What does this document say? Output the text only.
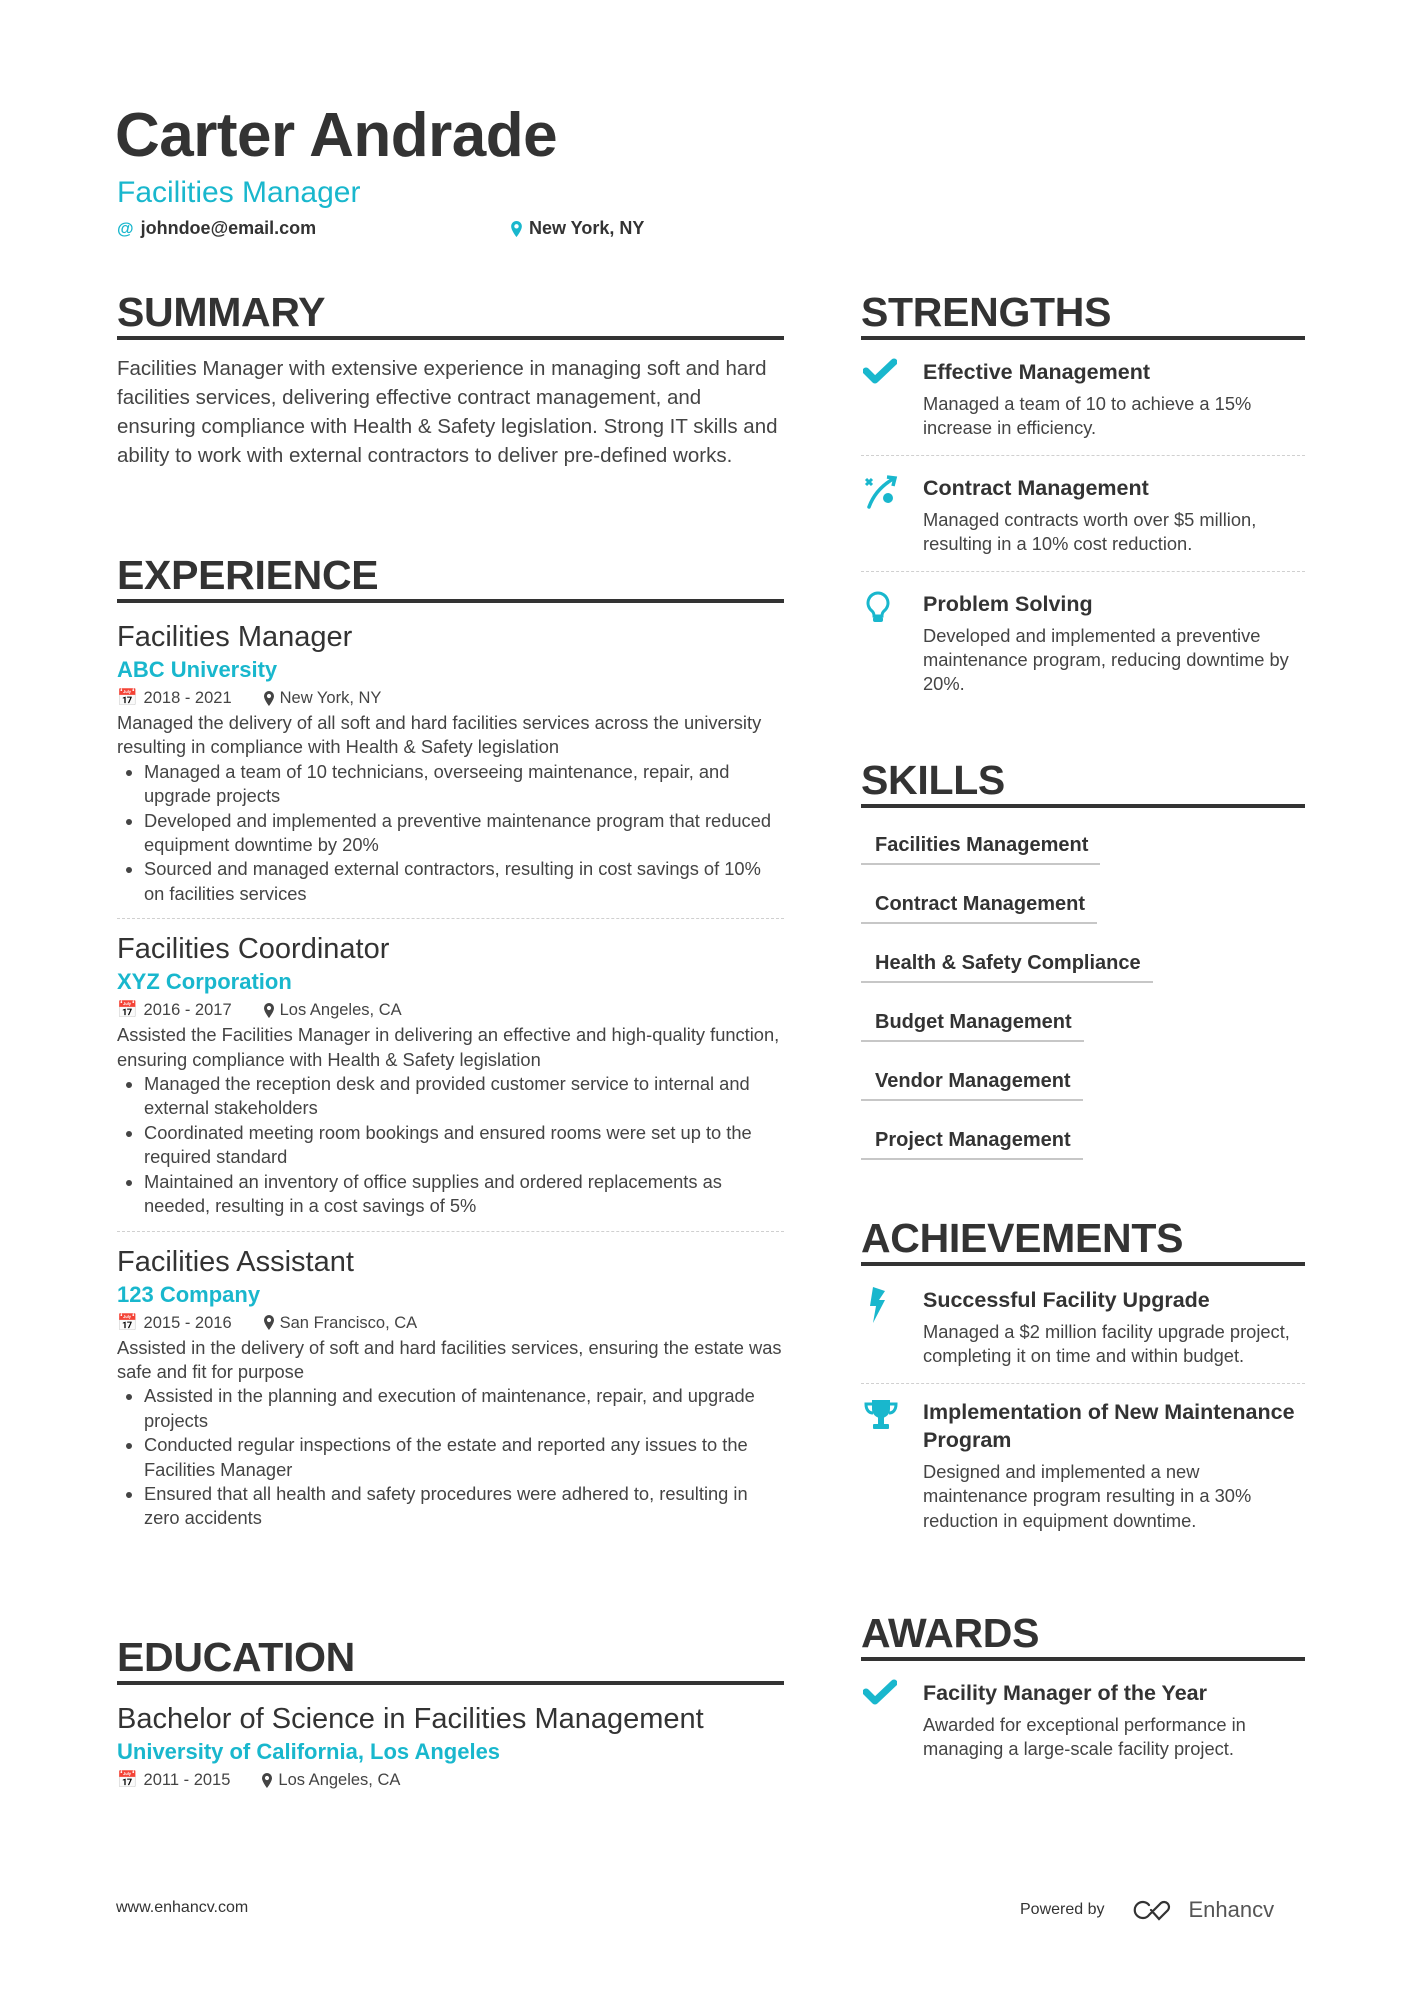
Carter Andrade
Facilities Manager
@ johndoe@email.com	New York, NY
SUMMARY
Facilities Manager with extensive experience in managing soft and hard facilities services, delivering effective contract management, and ensuring compliance with Health & Safety legislation. Strong IT skills and ability to work with external contractors to deliver pre-defined works.
EXPERIENCE
Facilities Manager
ABC University
📅 2018 - 2021	New York, NY
Managed the delivery of all soft and hard facilities services across the university resulting in compliance with Health & Safety legislation
• Managed a team of 10 technicians, overseeing maintenance, repair, and upgrade projects
• Developed and implemented a preventive maintenance program that reduced equipment downtime by 20%
• Sourced and managed external contractors, resulting in cost savings of 10% on facilities services
Facilities Coordinator
XYZ Corporation
📅 2016 - 2017	Los Angeles, CA
Assisted the Facilities Manager in delivering an effective and high-quality function, ensuring compliance with Health & Safety legislation
• Managed the reception desk and provided customer service to internal and external stakeholders
• Coordinated meeting room bookings and ensured rooms were set up to the required standard
• Maintained an inventory of office supplies and ordered replacements as needed, resulting in a cost savings of 5%
Facilities Assistant
123 Company
📅 2015 - 2016	San Francisco, CA
Assisted in the delivery of soft and hard facilities services, ensuring the estate was safe and fit for purpose
• Assisted in the planning and execution of maintenance, repair, and upgrade projects
• Conducted regular inspections of the estate and reported any issues to the Facilities Manager
• Ensured that all health and safety procedures were adhered to, resulting in zero accidents
EDUCATION
Bachelor of Science in Facilities Management
University of California, Los Angeles
📅 2011 - 2015	Los Angeles, CA
STRENGTHS
Effective Management
Managed a team of 10 to achieve a 15% increase in efficiency.
Contract Management
Managed contracts worth over $5 million, resulting in a 10% cost reduction.
Problem Solving
Developed and implemented a preventive maintenance program, reducing downtime by 20%.
SKILLS
Facilities Management
Contract Management
Health & Safety Compliance
Budget Management
Vendor Management
Project Management
ACHIEVEMENTS
Successful Facility Upgrade
Managed a $2 million facility upgrade project, completing it on time and within budget.
Implementation of New Maintenance Program
Designed and implemented a new maintenance program resulting in a 30% reduction in equipment downtime.
AWARDS
Facility Manager of the Year
Awarded for exceptional performance in managing a large-scale facility project.
www.enhancv.com	Powered by	Enhancv
